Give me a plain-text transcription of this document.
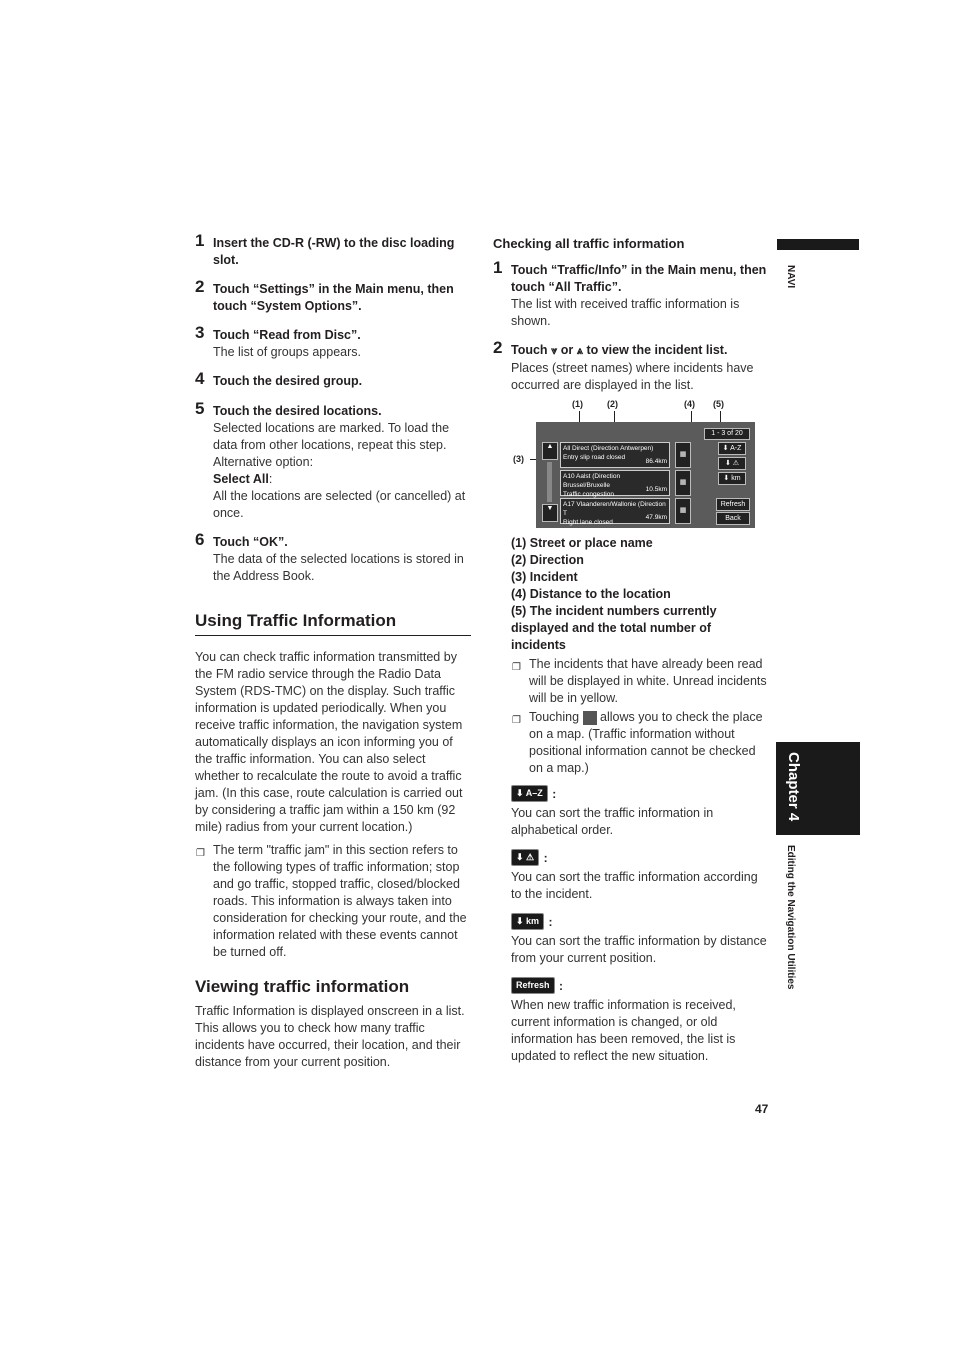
1 Insert the CD-R (-RW) to the disc loading slot.
2 Touch “Settings” in the Main menu, then touch “System Options”.
3 Touch “Read from Disc”.
The list of groups appears.
4 Touch the desired group.
5 Touch the desired locations.
Selected locations are marked. To load the data from other locations, repeat this step.
Alternative option:
Select All:
All the locations are selected (or cancelled) at once.
6 Touch “OK”.
The data of the selected locations is stored in the Address Book.
Using Traffic Information
You can check traffic information transmitted by the FM radio service through the Radio Data System (RDS-TMC) on the display. Such traffic information is updated periodically. When you receive traffic information, the navigation system automatically displays an icon informing you of the traffic information. You can also select whether to recalculate the route to avoid a traffic jam. (In this case, route calculation is carried out by considering a traffic jam within a 150 km (92 mile) radius from your current location.)
❐ The term "traffic jam" in this section refers to the following types of traffic information; stop and go traffic, stopped traffic, closed/blocked roads. This information is always taken into consideration for checking your route, and the information related with these events cannot be turned off.
Viewing traffic information
Traffic Information is displayed onscreen in a list. This allows you to check how many traffic incidents have occurred, their location, and their distance from your current position.
Checking all traffic information
1 Touch “Traffic/Info” in the Main menu, then touch “All Traffic”.
The list with received traffic information is shown.
2 Touch ⩔ or ⩓ to view the incident list.
Places (street names) where incidents have occurred are displayed in the list.
(1)	(2)	(4) (5)
(3)
▲
▼
1 - 3 of 20
All Direct (Direction Antwerpen)
Entry slip road closed
86.4km
A10 Aalst (Direction Brussel/Bruxelle
Traffic congestion
10.5km
A17 Vlaanderen/Wallonie (Direction T
Right lane closed
47.9km
▦
▦
▦
⬇ A-Z
⬇ ⚠
⬇ km
Refresh
Back
(1) Street or place name
(2) Direction
(3) Incident
(4) Distance to the location
(5) The incident numbers currently displayed and the total number of incidents
❐ The incidents that have already been read will be displayed in white. Unread incidents will be in yellow.
❐ Touching allows you to check the place on a map. (Traffic information without positional information cannot be checked on a map.)
⬇ A–Z :
You can sort the traffic information in alphabetical order.
⬇ ⚠ :
You can sort the traffic information according to the incident.
⬇ km :
You can sort the traffic information by distance from your current position.
Refresh :
When new traffic information is received, current information is changed, or old information has been removed, the list is updated to reflect the new situation.
NAVI
Chapter 4
Editing the Navigation Utilities
47
